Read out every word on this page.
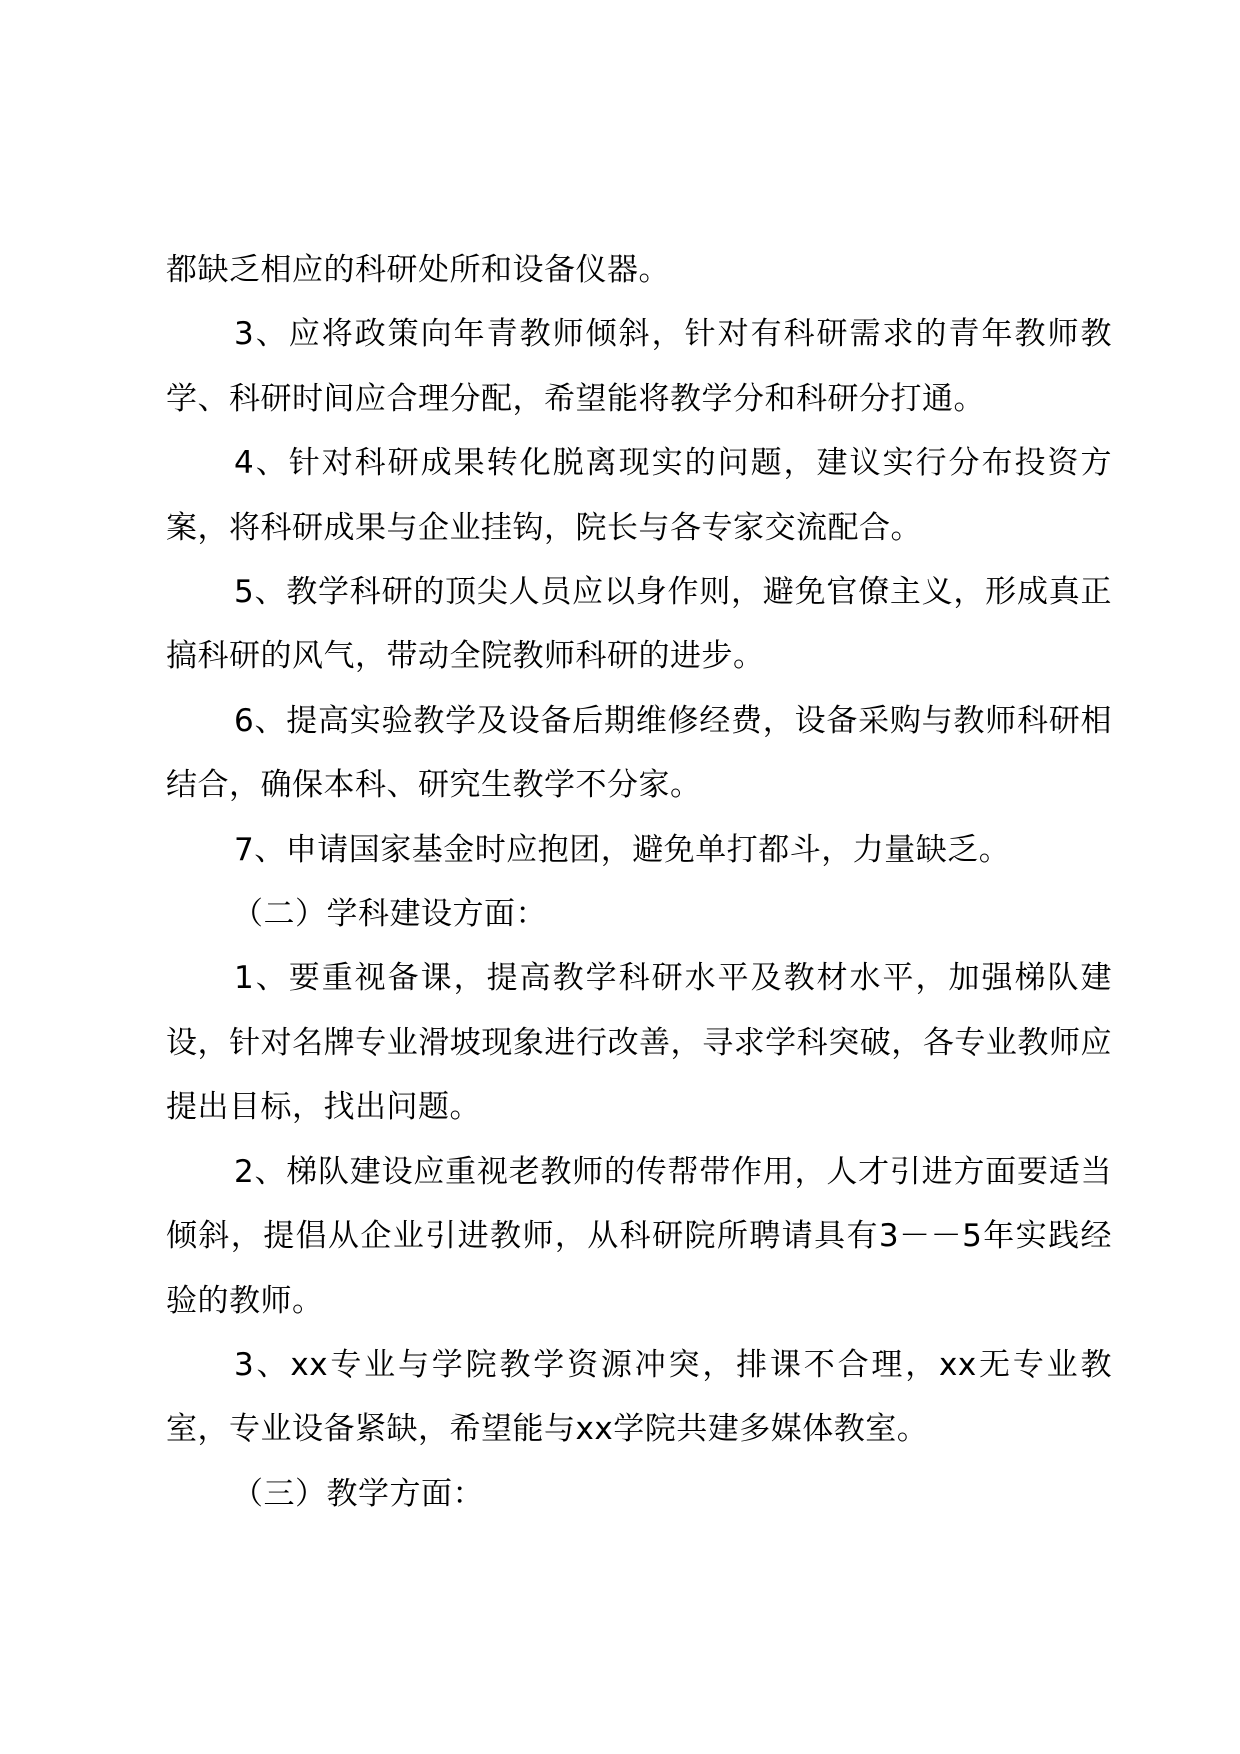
都缺乏相应的科研处所和设备仪器。

3、应将政策向年青教师倾斜，针对有科研需求的青年教师教学、科研时间应合理分配，希望能将教学分和科研分打通。

4、针对科研成果转化脱离现实的问题，建议实行分布投资方案，将科研成果与企业挂钩，院长与各专家交流配合。

5、教学科研的顶尖人员应以身作则，避免官僚主义，形成真正搞科研的风气，带动全院教师科研的进步。

6、提高实验教学及设备后期维修经费，设备采购与教师科研相结合，确保本科、研究生教学不分家。

7、申请国家基金时应抱团，避免单打都斗，力量缺乏。

（二）学科建设方面：

1、要重视备课，提高教学科研水平及教材水平，加强梯队建设，针对名牌专业滑坡现象进行改善，寻求学科突破，各专业教师应提出目标，找出问题。

2、梯队建设应重视老教师的传帮带作用，人才引进方面要适当倾斜，提倡从企业引进教师，从科研院所聘请具有3－－5年实践经验的教师。

3、xx专业与学院教学资源冲突，排课不合理，xx无专业教室，专业设备紧缺，希望能与xx学院共建多媒体教室。

（三）教学方面：
